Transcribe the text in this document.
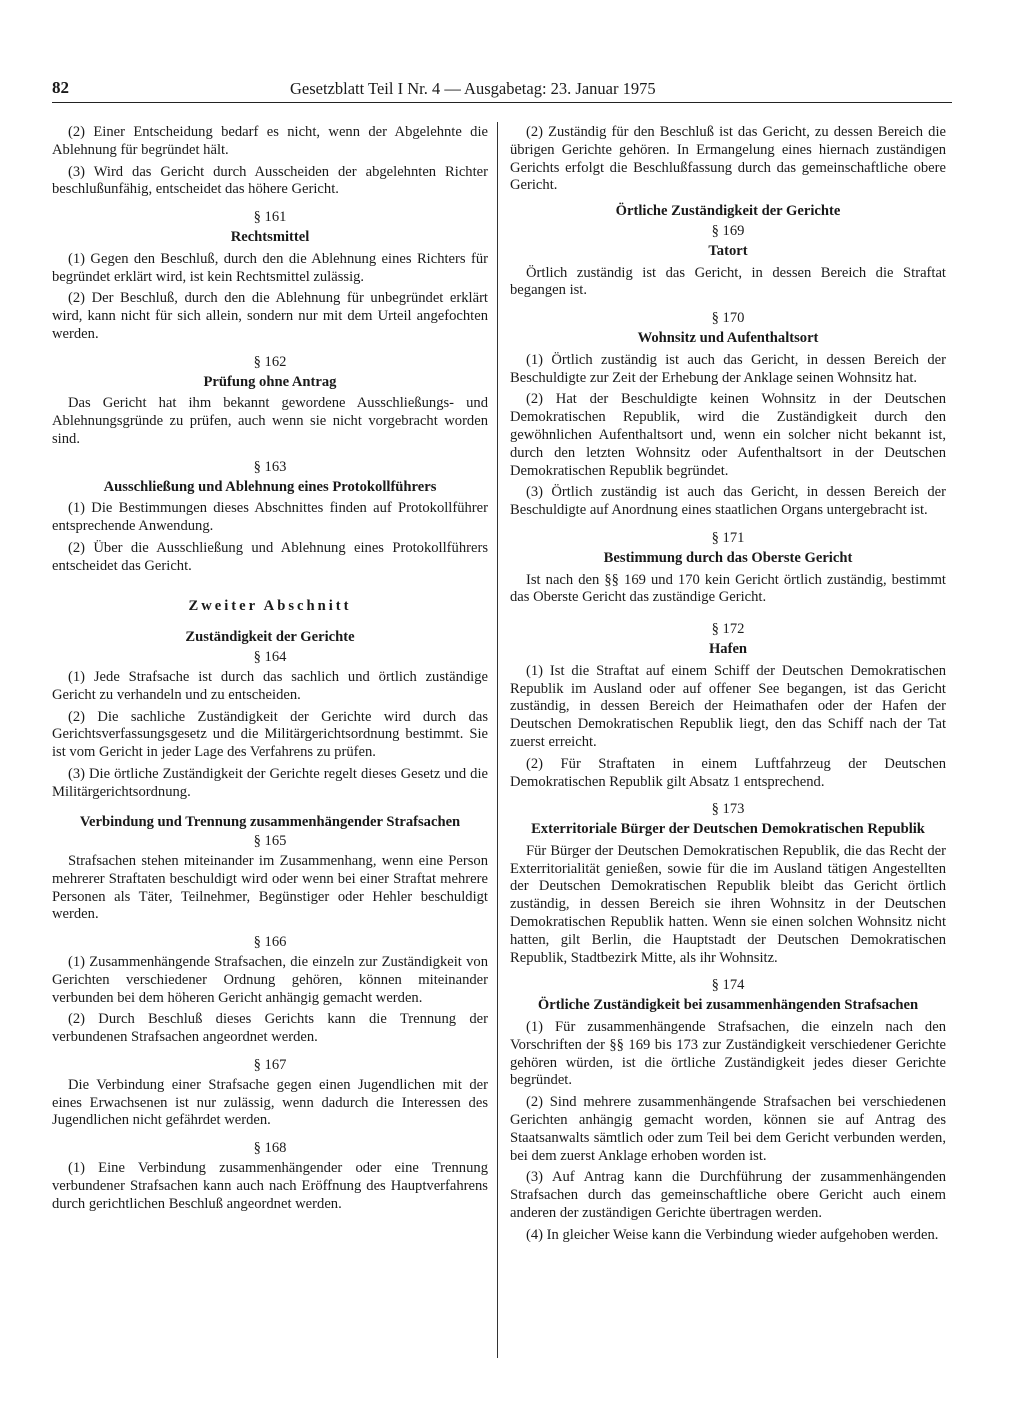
82	Gesetzblatt Teil I Nr. 4 — Ausgabetag: 23. Januar 1975

(2) Einer Entscheidung bedarf es nicht, wenn der Abgelehnte die Ablehnung für begründet hält.

(3) Wird das Gericht durch Ausscheiden der abgelehnten Richter beschlußunfähig, entscheidet das höhere Gericht.

§ 161
Rechtsmittel

(1) Gegen den Beschluß, durch den die Ablehnung eines Richters für begründet erklärt wird, ist kein Rechtsmittel zulässig.

(2) Der Beschluß, durch den die Ablehnung für unbegründet erklärt wird, kann nicht für sich allein, sondern nur mit dem Urteil angefochten werden.

§ 162
Prüfung ohne Antrag

Das Gericht hat ihm bekannt gewordene Ausschließungs- und Ablehnungsgründe zu prüfen, auch wenn sie nicht vorgebracht worden sind.

§ 163
Ausschließung und Ablehnung eines Protokollführers

(1) Die Bestimmungen dieses Abschnittes finden auf Protokollführer entsprechende Anwendung.

(2) Über die Ausschließung und Ablehnung eines Protokollführers entscheidet das Gericht.

Zweiter Abschnitt
Zuständigkeit der Gerichte
§ 164

(1) Jede Strafsache ist durch das sachlich und örtlich zuständige Gericht zu verhandeln und zu entscheiden.

(2) Die sachliche Zuständigkeit der Gerichte wird durch das Gerichtsverfassungsgesetz und die Militärgerichtsordnung bestimmt. Sie ist vom Gericht in jeder Lage des Verfahrens zu prüfen.

(3) Die örtliche Zuständigkeit der Gerichte regelt dieses Gesetz und die Militärgerichtsordnung.

Verbindung und Trennung zusammenhängender Strafsachen
§ 165

Strafsachen stehen miteinander im Zusammenhang, wenn eine Person mehrerer Straftaten beschuldigt wird oder wenn bei einer Straftat mehrere Personen als Täter, Teilnehmer, Begünstiger oder Hehler beschuldigt werden.

§ 166

(1) Zusammenhängende Strafsachen, die einzeln zur Zuständigkeit von Gerichten verschiedener Ordnung gehören, können miteinander verbunden bei dem höheren Gericht anhängig gemacht werden.

(2) Durch Beschluß dieses Gerichts kann die Trennung der verbundenen Strafsachen angeordnet werden.

§ 167

Die Verbindung einer Strafsache gegen einen Jugendlichen mit der eines Erwachsenen ist nur zulässig, wenn dadurch die Interessen des Jugendlichen nicht gefährdet werden.

§ 168

(1) Eine Verbindung zusammenhängender oder eine Trennung verbundener Strafsachen kann auch nach Eröffnung des Hauptverfahrens durch gerichtlichen Beschluß angeordnet werden.

(2) Zuständig für den Beschluß ist das Gericht, zu dessen Bereich die übrigen Gerichte gehören. In Ermangelung eines hiernach zuständigen Gerichts erfolgt die Beschlußfassung durch das gemeinschaftliche obere Gericht.

Örtliche Zuständigkeit der Gerichte
§ 169
Tatort

Örtlich zuständig ist das Gericht, in dessen Bereich die Straftat begangen ist.

§ 170
Wohnsitz und Aufenthaltsort

(1) Örtlich zuständig ist auch das Gericht, in dessen Bereich der Beschuldigte zur Zeit der Erhebung der Anklage seinen Wohnsitz hat.

(2) Hat der Beschuldigte keinen Wohnsitz in der Deutschen Demokratischen Republik, wird die Zuständigkeit durch den gewöhnlichen Aufenthaltsort und, wenn ein solcher nicht bekannt ist, durch den letzten Wohnsitz oder Aufenthaltsort in der Deutschen Demokratischen Republik begründet.

(3) Örtlich zuständig ist auch das Gericht, in dessen Bereich der Beschuldigte auf Anordnung eines staatlichen Organs untergebracht ist.

§ 171
Bestimmung durch das Oberste Gericht

Ist nach den §§ 169 und 170 kein Gericht örtlich zuständig, bestimmt das Oberste Gericht das zuständige Gericht.

§ 172
Hafen

(1) Ist die Straftat auf einem Schiff der Deutschen Demokratischen Republik im Ausland oder auf offener See begangen, ist das Gericht zuständig, in dessen Bereich der Heimathafen oder der Hafen der Deutschen Demokratischen Republik liegt, den das Schiff nach der Tat zuerst erreicht.

(2) Für Straftaten in einem Luftfahrzeug der Deutschen Demokratischen Republik gilt Absatz 1 entsprechend.

§ 173
Exterritoriale Bürger der Deutschen Demokratischen Republik

Für Bürger der Deutschen Demokratischen Republik, die das Recht der Exterritorialität genießen, sowie für die im Ausland tätigen Angestellten der Deutschen Demokratischen Republik bleibt das Gericht örtlich zuständig, in dessen Bereich sie ihren Wohnsitz in der Deutschen Demokratischen Republik hatten. Wenn sie einen solchen Wohnsitz nicht hatten, gilt Berlin, die Hauptstadt der Deutschen Demokratischen Republik, Stadtbezirk Mitte, als ihr Wohnsitz.

§ 174
Örtliche Zuständigkeit bei zusammenhängenden Strafsachen

(1) Für zusammenhängende Strafsachen, die einzeln nach den Vorschriften der §§ 169 bis 173 zur Zuständigkeit verschiedener Gerichte gehören würden, ist die örtliche Zuständigkeit jedes dieser Gerichte begründet.

(2) Sind mehrere zusammenhängende Strafsachen bei verschiedenen Gerichten anhängig gemacht worden, können sie auf Antrag des Staatsanwalts sämtlich oder zum Teil bei dem Gericht verbunden werden, bei dem zuerst Anklage erhoben worden ist.

(3) Auf Antrag kann die Durchführung der zusammenhängenden Strafsachen durch das gemeinschaftliche obere Gericht auch einem anderen der zuständigen Gerichte übertragen werden.

(4) In gleicher Weise kann die Verbindung wieder aufgehoben werden.
